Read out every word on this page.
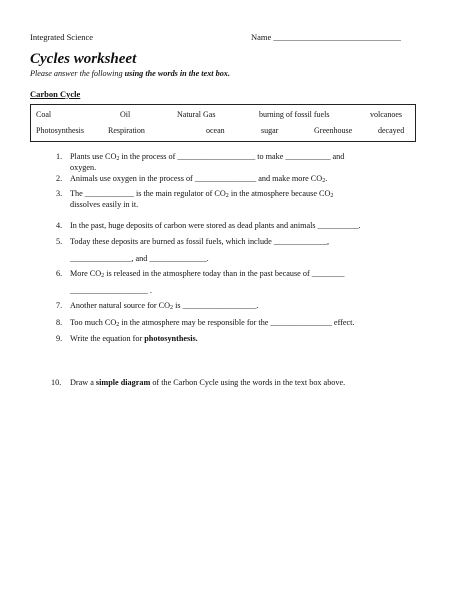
Integrated Science	Name ______________________________
Cycles worksheet
Please answer the following using the words in the text box.
Carbon Cycle
Coal	Oil	Natural Gas	burning of fossil fuels	volcanoes
Photosynthesis	Respiration	ocean	sugar	Greenhouse	decayed
1. Plants use $CO_2$ in the process of ___________________ to make ___________ and
oxygen.
2. Animals use oxygen in the process of _______________ and make more $CO_2$.
3. The ____________ is the main regulator of $CO_2$ in the atmosphere because $CO_2$
dissolves easily in it.
4. In the past, huge deposits of carbon were stored as dead plants and animals __________.
5. Today these deposits are burned as fossil fuels, which include _____________,
_______________, and ______________.
6. More $CO_2$ is released in the atmosphere today than in the past because of ________
___________________ .
7. Another natural source for $CO_2$ is __________________.
8. Too much $CO_2$ in the atmosphere may be responsible for the _______________ effect.
9. Write the equation for photosynthesis.
10. Draw a simple diagram of the Carbon Cycle using the words in the text box above.
